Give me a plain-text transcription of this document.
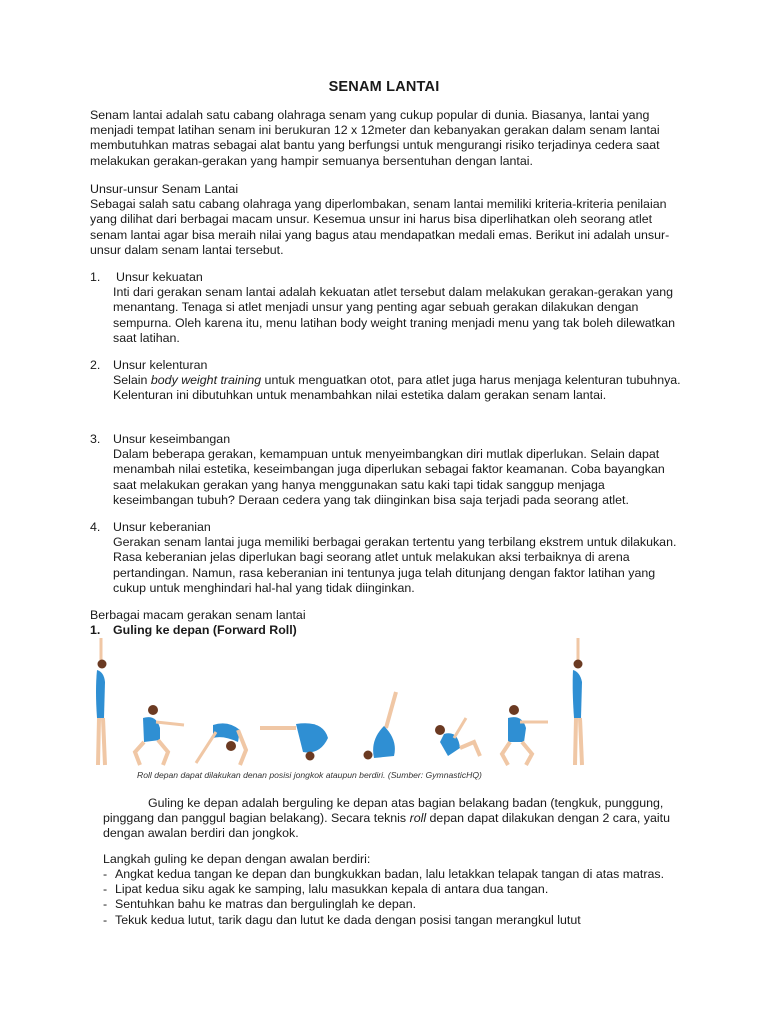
SENAM LANTAI

Senam lantai adalah satu cabang olahraga senam yang cukup popular di dunia. Biasanya, lantai yang menjadi tempat latihan senam ini berukuran 12 x 12meter dan kebanyakan gerakan dalam senam lantai membutuhkan matras sebagai alat bantu yang berfungsi untuk mengurangi risiko terjadinya cedera saat melakukan gerakan-gerakan yang hampir semuanya bersentuhan dengan lantai.

Unsur-unsur Senam Lantai

Sebagai salah satu cabang olahraga yang diperlombakan, senam lantai memiliki kriteria-kriteria penilaian yang dilihat dari berbagai macam unsur. Kesemua unsur ini harus bisa diperlihatkan oleh seorang atlet senam lantai agar bisa meraih nilai yang bagus atau mendapatkan medali emas. Berikut ini adalah unsur-unsur dalam senam lantai tersebut.

1.	Unsur kekuatan
Inti dari gerakan senam lantai adalah kekuatan atlet tersebut dalam melakukan gerakan-gerakan yang menantang. Tenaga si atlet menjadi unsur yang penting agar sebuah gerakan dilakukan dengan sempurna. Oleh karena itu, menu latihan body weight traning menjadi menu yang tak boleh dilewatkan saat latihan.
2.	Unsur kelenturan
Selain body weight training untuk menguatkan otot, para atlet juga harus menjaga kelenturan tubuhnya. Kelenturan ini dibutuhkan untuk menambahkan nilai estetika dalam gerakan senam lantai.
3.	Unsur keseimbangan
Dalam beberapa gerakan, kemampuan untuk menyeimbangkan diri mutlak diperlukan. Selain dapat menambah nilai estetika, keseimbangan juga diperlukan sebagai faktor keamanan. Coba bayangkan saat melakukan gerakan yang hanya menggunakan satu kaki tapi tidak sanggup menjaga keseimbangan tubuh? Deraan cedera yang tak diinginkan bisa saja terjadi pada seorang atlet.
4.	Unsur keberanian
Gerakan senam lantai juga memiliki berbagai gerakan tertentu yang terbilang ekstrem untuk dilakukan. Rasa keberanian jelas diperlukan bagi seorang atlet untuk melakukan aksi terbaiknya di arena pertandingan. Namun, rasa keberanian ini tentunya juga telah ditunjang dengan faktor latihan yang cukup untuk menghindari hal-hal yang tidak diinginkan.
Berbagai macam gerakan senam lantai
1.	Guling ke depan (Forward Roll)
Roll depan dapat dilakukan denan posisi jongkok ataupun berdiri. (Sumber: GymnasticHQ)
Guling ke depan adalah berguling ke depan atas bagian belakang badan (tengkuk, punggung, pinggang dan panggul bagian belakang). Secara teknis roll depan dapat dilakukan dengan 2 cara, yaitu dengan awalan berdiri dan jongkok.
Langkah guling ke depan dengan awalan berdiri:
- Angkat kedua tangan ke depan dan bungkukkan badan, lalu letakkan telapak tangan di atas matras.
- Lipat kedua siku agak ke samping, lalu masukkan kepala di antara dua tangan.
- Sentuhkan bahu ke matras dan bergulinglah ke depan.
- Tekuk kedua lutut, tarik dagu dan lutut ke dada dengan posisi tangan merangkul lutut
